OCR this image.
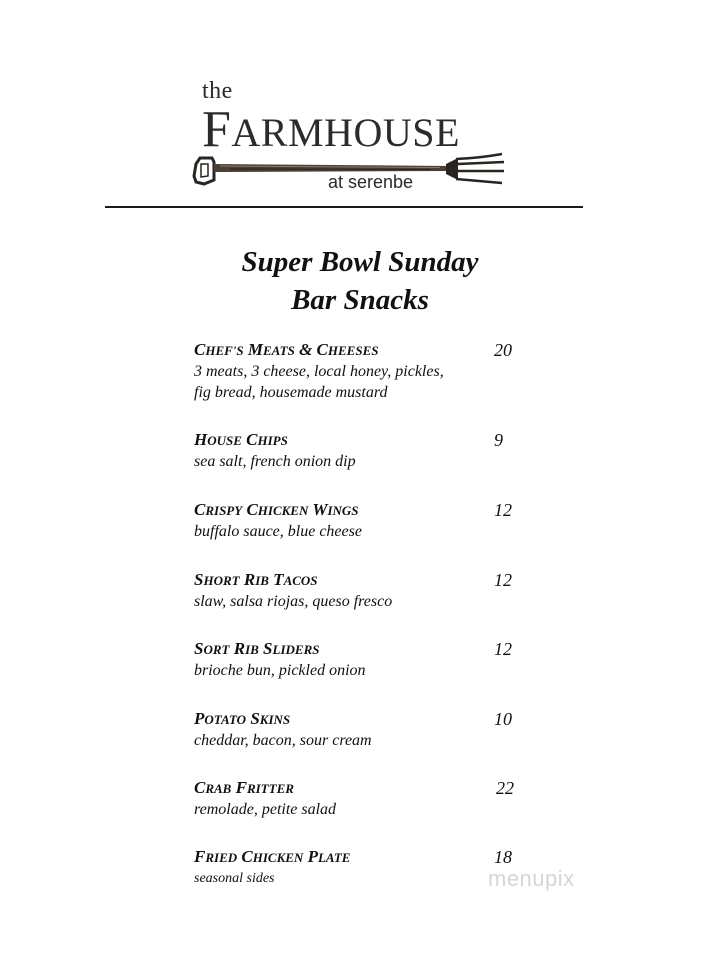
the
FARMHOUSE
at serenbe
Super Bowl Sunday
Bar Snacks
CHEF'S MEATS & CHEESES	20
3 meats, 3 cheese, local honey, pickles,
fig bread, housemade mustard
HOUSE CHIPS	9
sea salt, french onion dip
CRISPY CHICKEN WINGS	12
buffalo sauce, blue cheese
SHORT RIB TACOS	12
slaw, salsa riojas, queso fresco
SORT RIB SLIDERS	12
brioche bun, pickled onion
POTATO SKINS	10
cheddar, bacon, sour cream
CRAB FRITTER	22
remolade, petite salad
FRIED CHICKEN PLATE	18
seasonal sides	menupix
